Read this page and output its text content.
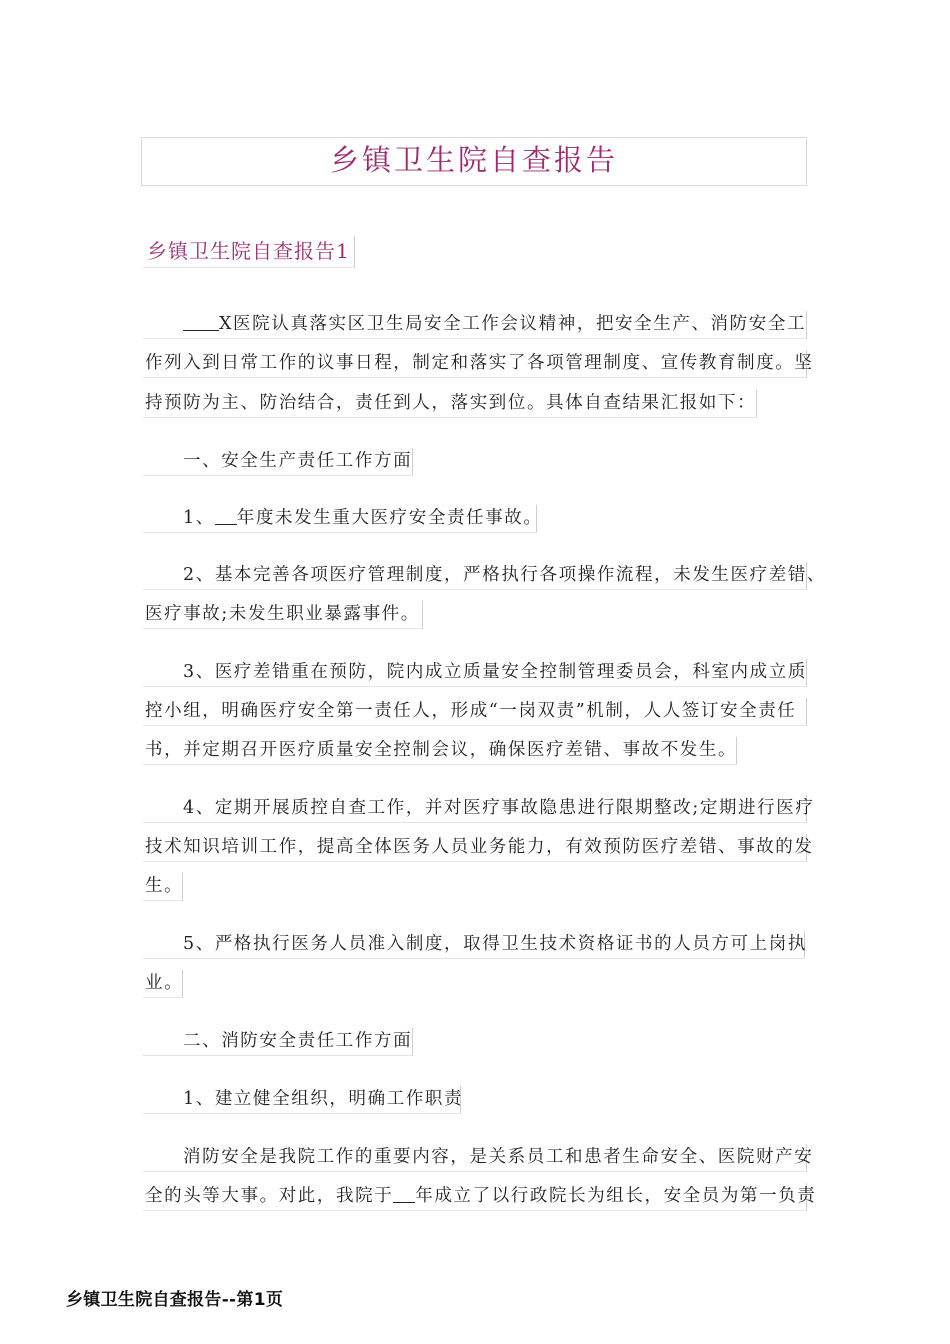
乡镇卫生院自查报告
乡镇卫生院自查报告1
X医院认真落实区卫生局安全工作会议精神，把安全生产、消防安全工
作列入到日常工作的议事日程，制定和落实了各项管理制度、宣传教育制度。坚
持预防为主、防治结合，责任到人，落实到位。具体自查结果汇报如下：
一、安全生产责任工作方面
1、 年度未发生重大医疗安全责任事故。
2、基本完善各项医疗管理制度，严格执行各项操作流程，未发生医疗差错、
医疗事故;未发生职业暴露事件。
3、医疗差错重在预防，院内成立质量安全控制管理委员会，科室内成立质
控小组，明确医疗安全第一责任人，形成“一岗双责”机制，人人签订安全责任
书，并定期召开医疗质量安全控制会议，确保医疗差错、事故不发生。
4、定期开展质控自查工作，并对医疗事故隐患进行限期整改;定期进行医疗
技术知识培训工作，提高全体医务人员业务能力，有效预防医疗差错、事故的发
生。
5、严格执行医务人员准入制度，取得卫生技术资格证书的人员方可上岗执
业。
二、消防安全责任工作方面
1、建立健全组织，明确工作职责
消防安全是我院工作的重要内容，是关系员工和患者生命安全、医院财产安
全的头等大事。对此，我院于 年成立了以行政院长为组长，安全员为第一负责
乡镇卫生院自查报告--第1页
